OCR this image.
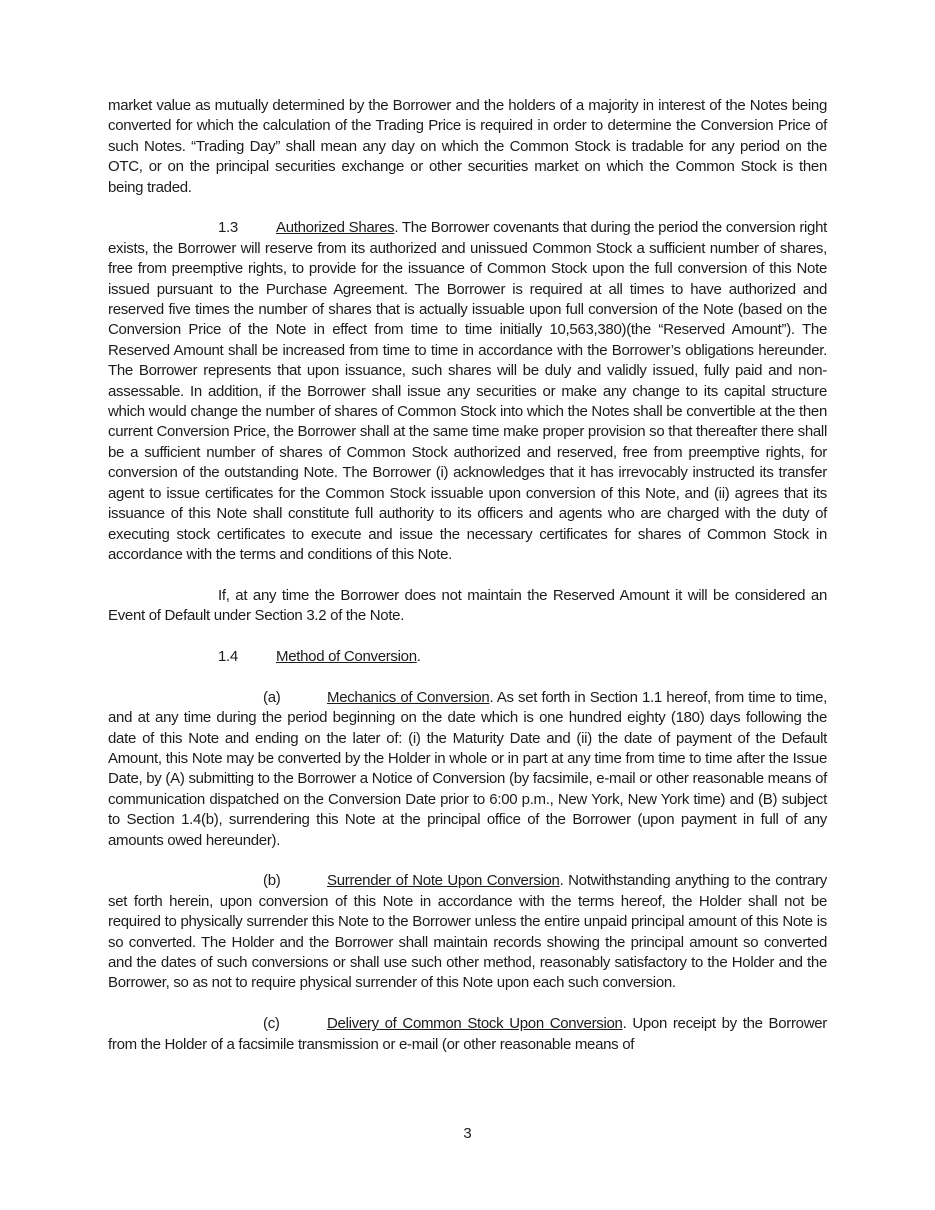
market value as mutually determined by the Borrower and the holders of a majority in interest of the Notes being converted for which the calculation of the Trading Price is required in order to determine the Conversion Price of such Notes. “Trading Day” shall mean any day on which the Common Stock is tradable for any period on the OTC, or on the principal securities exchange or other securities market on which the Common Stock is then being traded.

1.3	Authorized Shares. The Borrower covenants that during the period the conversion right exists, the Borrower will reserve from its authorized and unissued Common Stock a sufficient number of shares, free from preemptive rights, to provide for the issuance of Common Stock upon the full conversion of this Note issued pursuant to the Purchase Agreement. The Borrower is required at all times to have authorized and reserved five times the number of shares that is actually issuable upon full conversion of the Note (based on the Conversion Price of the Note in effect from time to time initially 10,563,380)(the “Reserved Amount”). The Reserved Amount shall be increased from time to time in accordance with the Borrower’s obligations hereunder. The Borrower represents that upon issuance, such shares will be duly and validly issued, fully paid and non-assessable. In addition, if the Borrower shall issue any securities or make any change to its capital structure which would change the number of shares of Common Stock into which the Notes shall be convertible at the then current Conversion Price, the Borrower shall at the same time make proper provision so that thereafter there shall be a sufficient number of shares of Common Stock authorized and reserved, free from preemptive rights, for conversion of the outstanding Note. The Borrower (i) acknowledges that it has irrevocably instructed its transfer agent to issue certificates for the Common Stock issuable upon conversion of this Note, and (ii) agrees that its issuance of this Note shall constitute full authority to its officers and agents who are charged with the duty of executing stock certificates to execute and issue the necessary certificates for shares of Common Stock in accordance with the terms and conditions of this Note.

If, at any time the Borrower does not maintain the Reserved Amount it will be considered an Event of Default under Section 3.2 of the Note.

1.4	Method of Conversion.

(a)	Mechanics of Conversion. As set forth in Section 1.1 hereof, from time to time, and at any time during the period beginning on the date which is one hundred eighty (180) days following the date of this Note and ending on the later of: (i) the Maturity Date and (ii) the date of payment of the Default Amount, this Note may be converted by the Holder in whole or in part at any time from time to time after the Issue Date, by (A) submitting to the Borrower a Notice of Conversion (by facsimile, e-mail or other reasonable means of communication dispatched on the Conversion Date prior to 6:00 p.m., New York, New York time) and (B) subject to Section 1.4(b), surrendering this Note at the principal office of the Borrower (upon payment in full of any amounts owed hereunder).

(b)	Surrender of Note Upon Conversion. Notwithstanding anything to the contrary set forth herein, upon conversion of this Note in accordance with the terms hereof, the Holder shall not be required to physically surrender this Note to the Borrower unless the entire unpaid principal amount of this Note is so converted. The Holder and the Borrower shall maintain records showing the principal amount so converted and the dates of such conversions or shall use such other method, reasonably satisfactory to the Holder and the Borrower, so as not to require physical surrender of this Note upon each such conversion.

(c)	Delivery of Common Stock Upon Conversion. Upon receipt by the Borrower from the Holder of a facsimile transmission or e-mail (or other reasonable means of

3
